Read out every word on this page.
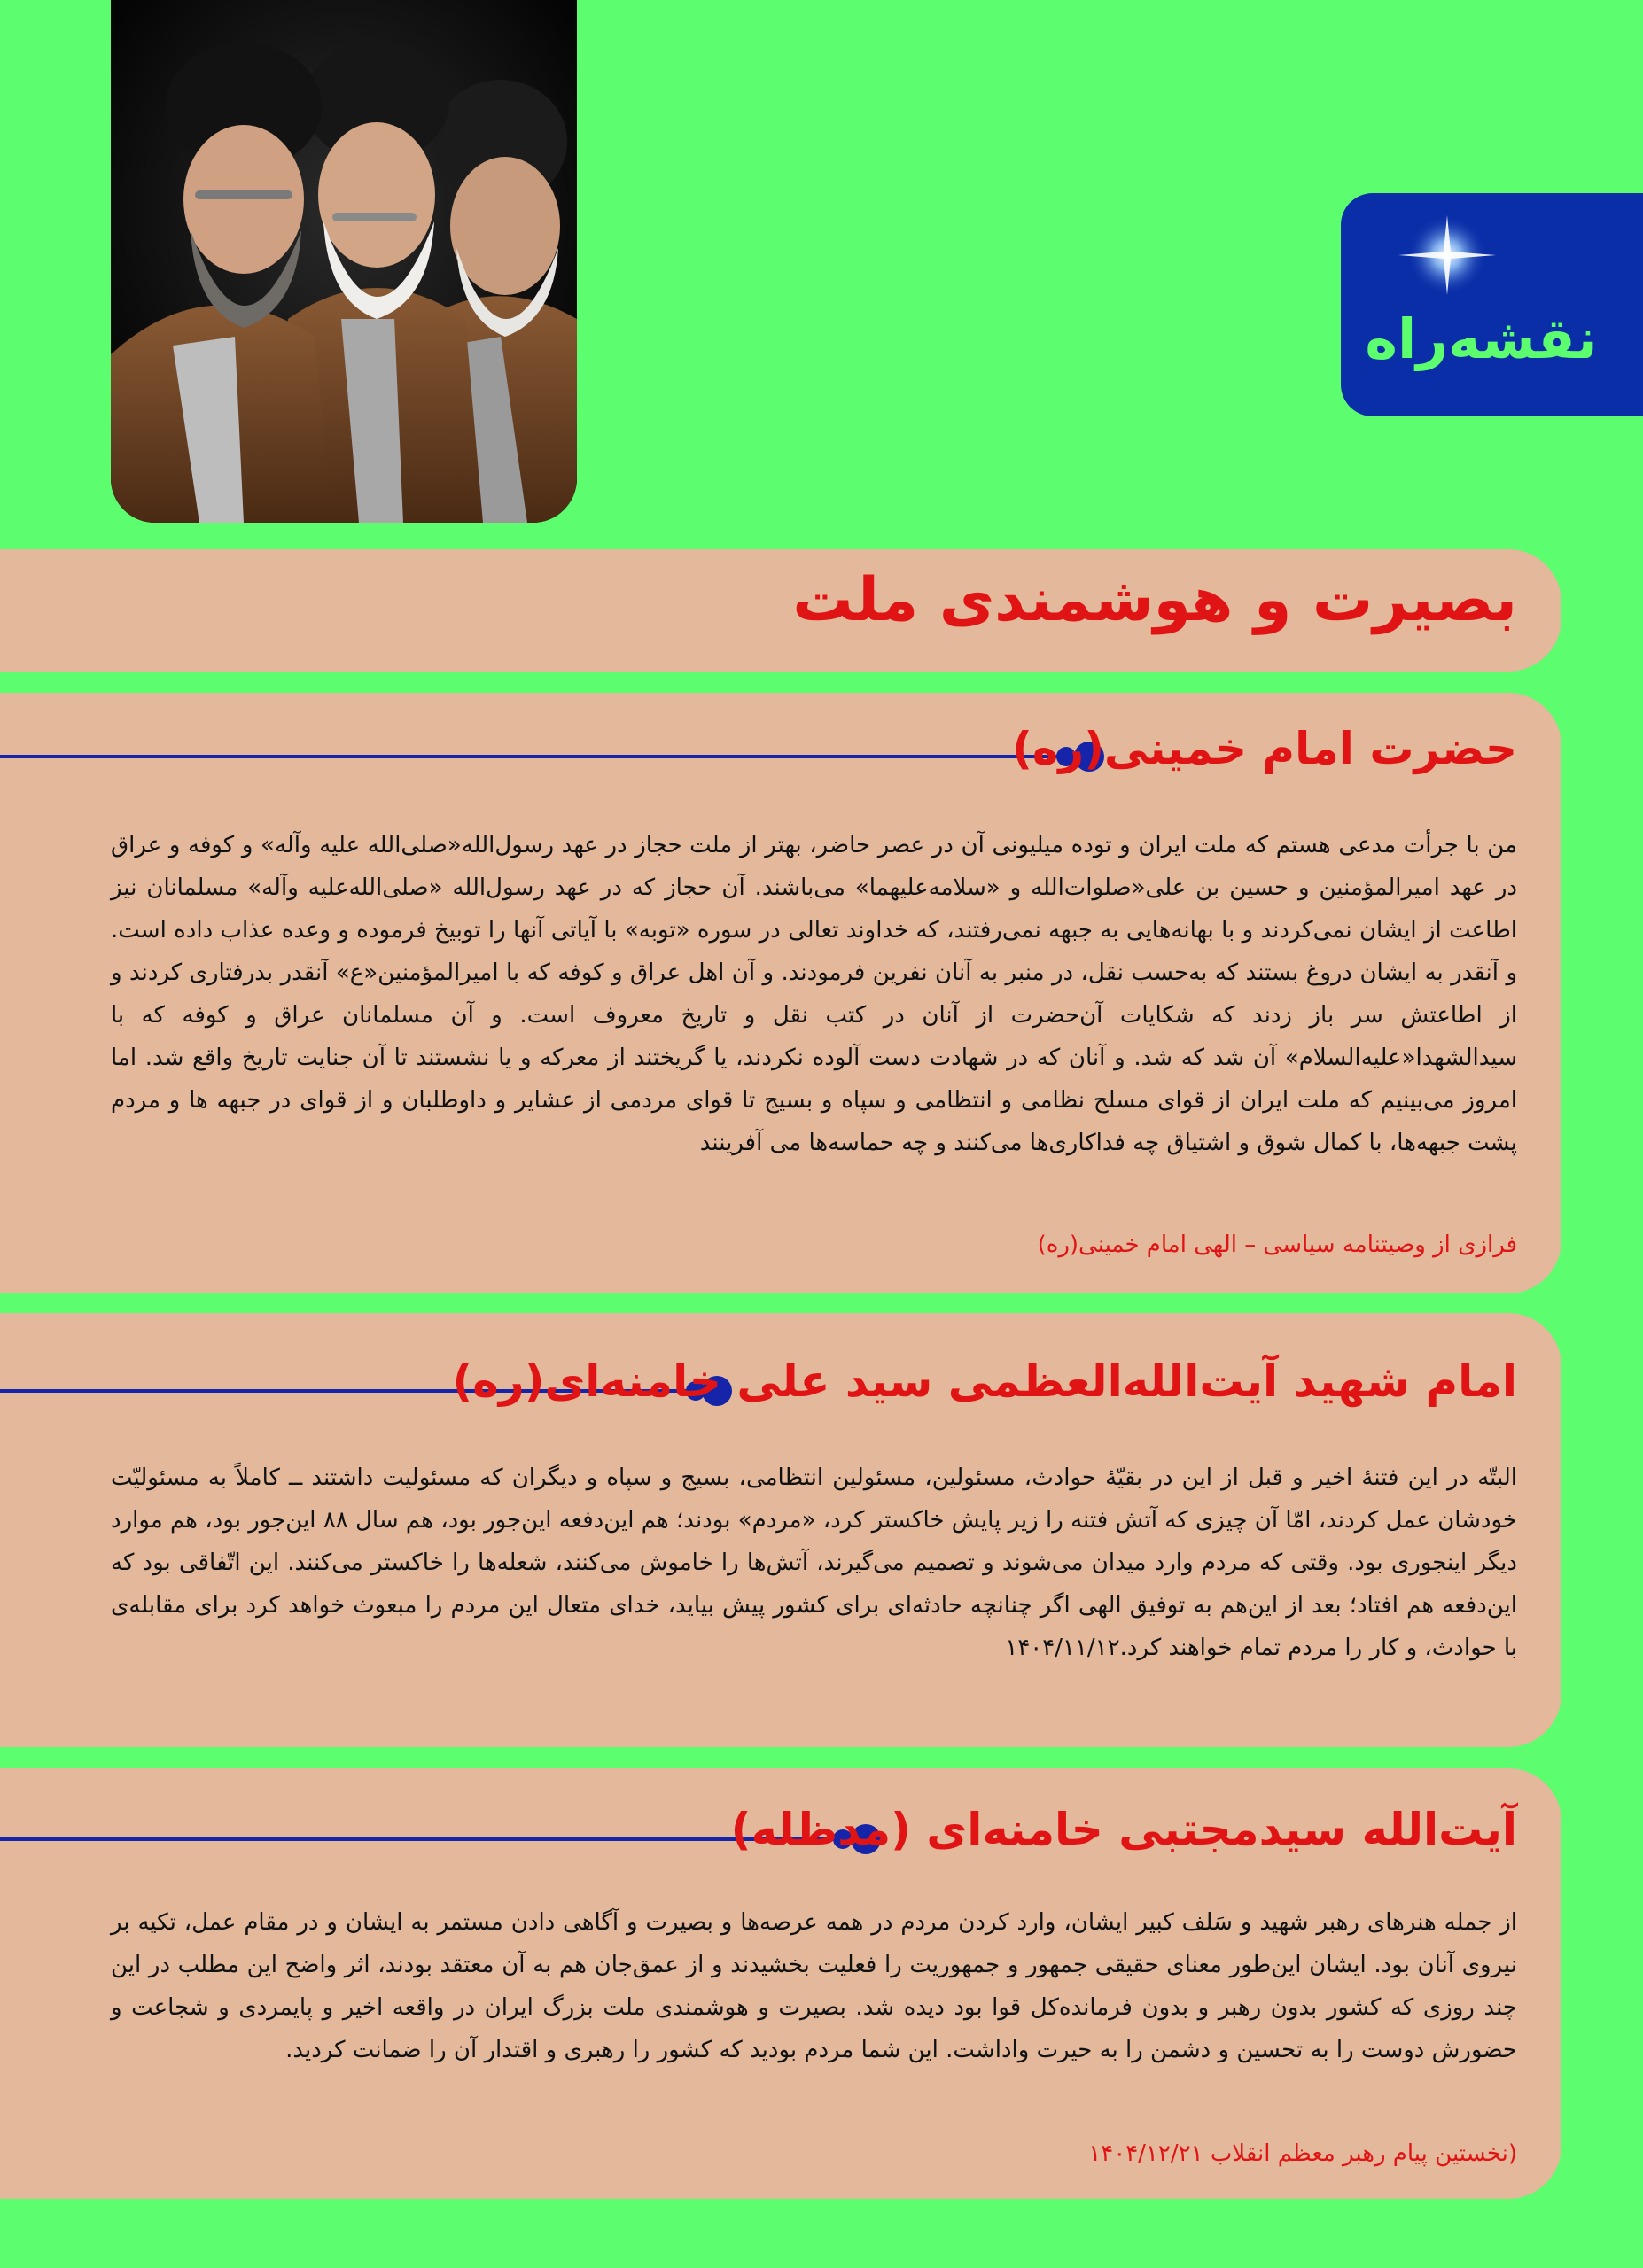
نقشه‌راه
بصیرت و هوشمندی ملت
حضرت امام خمینی(ره)

من با جرأت مدعی هستم که ملت ایران و توده میلیونی آن در عصر حاضر، بهتر از ملت حجاز در عهد رسول‌الله«صلی‌الله علیه وآله» و کوفه و عراق در عهد امیرالمؤمنین و حسین بن علی«صلوات‌الله و «سلامه‌علیهما» می‌باشند. آن حجاز که در عهد رسول‌الله «صلی‌الله‌علیه وآله» مسلمانان نیز اطاعت از ایشان نمی‌کردند و با بهانه‌هایی به جبهه نمی‌رفتند، که خداوند تعالی در سوره «توبه» با آیاتی آنها را توبیخ فرموده و وعده عذاب داده است. و آنقدر به ایشان دروغ بستند که به‌حسب نقل، در منبر به آنان نفرین فرمودند. و آن اهل عراق و کوفه که با امیرالمؤمنین«ع» آنقدر بدرفتاری کردند و از اطاعتش سر باز زدند که شکایات آن‌حضرت از آنان در کتب نقل و تاریخ معروف است. و آن مسلمانان عراق و کوفه که با سیدالشهدا«علیه‌السلام» آن شد که شد. و آنان که در شهادت دست آلوده نکردند، یا گریختند از معرکه و یا نشستند تا آن جنایت تاریخ واقع شد. اما امروز می‌بینیم که ملت ایران از قوای مسلح نظامی و انتظامی و سپاه و بسیج تا قوای مردمی از عشایر و داوطلبان و از قوای در جبهه ها و مردم پشت جبهه‌ها، با کمال شوق و اشتیاق چه فداکاری‌ها می‌کنند و چه حماسه‌ها می آفرینند

فرازی از وصیتنامه سیاسی – الهی امام خمینی(ره)

امام شهید آیت‌الله‌العظمی سید علی خامنه‌ای(ره)

البتّه در این فتنهٔ اخیر و قبل از این در بقیّهٔ حوادث، مسئولین، مسئولین انتظامی، بسیج و سپاه و دیگران که مسئولیت داشتند ــ کاملاً به مسئولیّت خودشان عمل کردند، امّا آن چیزی که آتش فتنه را زیر پایش خاکستر کرد، «مردم» بودند؛ هم این‌دفعه این‌جور بود، هم سال ۸۸ این‌جور بود، هم موارد دیگر اینجوری بود. وقتی که مردم وارد میدان می‌شوند و تصمیم می‌گیرند، آتش‌ها را خاموش می‌کنند، شعله‌ها را خاکستر می‌کنند. این اتّفاقی بود که این‌دفعه هم افتاد؛ بعد از این‌هم به توفیق الهی اگر چنانچه حادثه‌ای برای کشور پیش بیاید، خدای متعال این مردم را مبعوث خواهد کرد برای مقابله‌ی با حوادث، و کار را مردم تمام خواهند کرد.۱۴۰۴/۱۱/۱۲

آیت‌الله سیدمجتبی خامنه‌ای (مدظله)

از جمله هنرهای رهبر شهید و سَلف کبیر ایشان، وارد کردن مردم در همه عرصه‌ها و بصیرت و آگاهی دادن مستمر به ایشان و در مقام عمل، تکیه بر نیروی آنان بود. ایشان این‌طور معنای حقیقی جمهور و جمهوریت را فعلیت بخشیدند و از عمق‌جان هم به آن معتقد بودند، اثر واضح این مطلب در این چند روزی که کشور بدون رهبر و بدون فرمانده‌کل قوا بود دیده شد. بصیرت و هوشمندی ملت بزرگ ایران در واقعه اخیر و پایمردی و شجاعت و حضورش دوست را به تحسین و دشمن را به حیرت واداشت. این شما مردم بودید که کشور را رهبری و اقتدار آن را ضمانت کردید.

(نخستین پیام رهبر معظم انقلاب ۱۴۰۴/۱۲/۲۱
